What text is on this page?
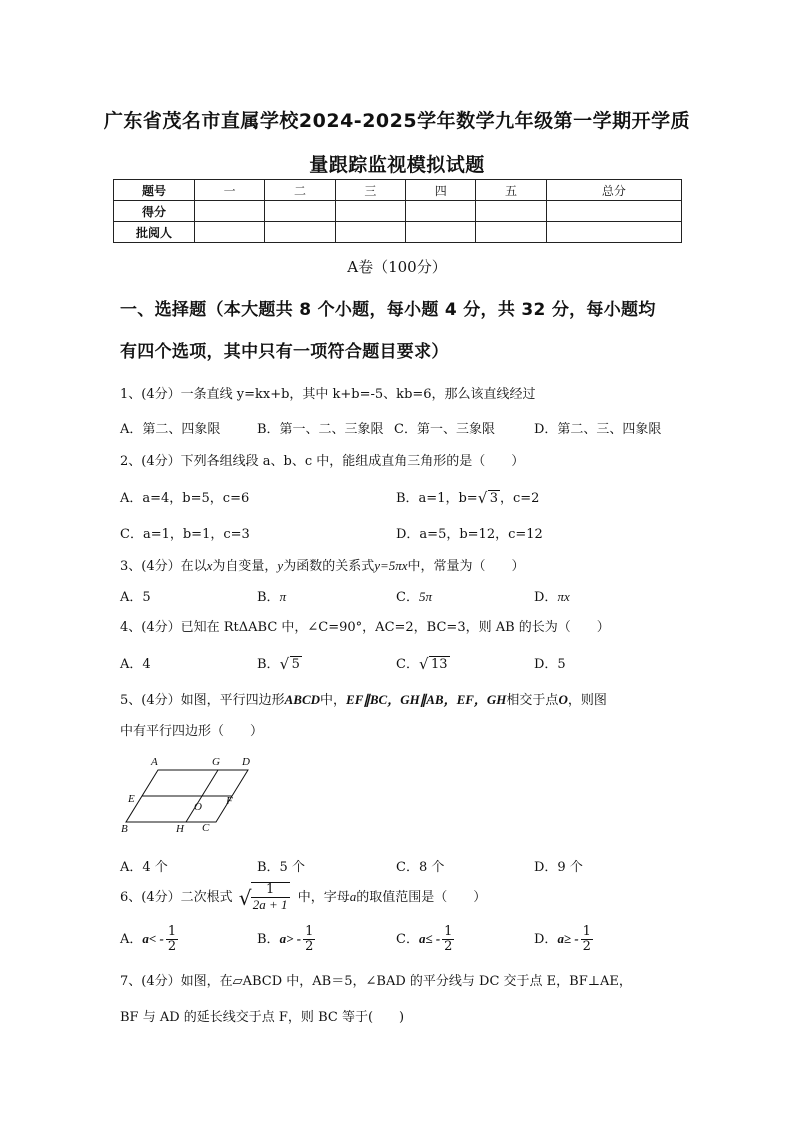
广东省茂名市直属学校2024-2025学年数学九年级第一学期开学质
量跟踪监视模拟试题
题号	一	二	三	四	五	总分
得分						
批阅人						
A卷（100分）
一、选择题（本大题共 8 个小题，每小题 4 分，共 32 分，每小题均
有四个选项，其中只有一项符合题目要求）
1、(4分）一条直线 y=kx+b，其中 k+b=-5、kb=6，那么该直线经过
A．第二、四象限	B．第一、二、三象限 C．第一、三象限	D．第二、三、四象限
2、(4分）下列各组线段 a、b、c 中，能组成直角三角形的是（　　）
A．a=4，b=5，c=6	B．a=1，b= √ 3 ，c=2
C．a=1，b=1，c=3	D．a=5，b=12，c=12
3、(4分）在以x为自变量，y为函数的关系式y=5πx中，常量为（　　）
A．5	B．π	C．5π	D．πx
4、(4分）已知在 RtΔABC 中，∠C=90°，AC=2，BC=3，则 AB 的长为（　　）
A．4	B． √ 5	C． √ 13	D．5
5、(4分）如图，平行四边形ABCD中，EF∥BC，GH∥AB，EF，GH相交于点O，则图
中有平行四边形（　　）
A	G D
E
O F
B	H C
A．4 个	B．5 个	C．8 个	D．9 个
6、(4分）二次根式 √ $\frac{1}{2a + 1}$ 中，字母a的取值范围是（　　）
A．$a< - \frac{1}{2}$	B．$a> - \frac{1}{2}$	C．$a\le - \frac{1}{2}$	D．$a\ge - \frac{1}{2}$
7、(4分）如图，在▱ABCD 中，AB＝5，∠BAD 的平分线与 DC 交于点 E，BF⊥AE，
BF 与 AD 的延长线交于点 F，则 BC 等于(　　)
